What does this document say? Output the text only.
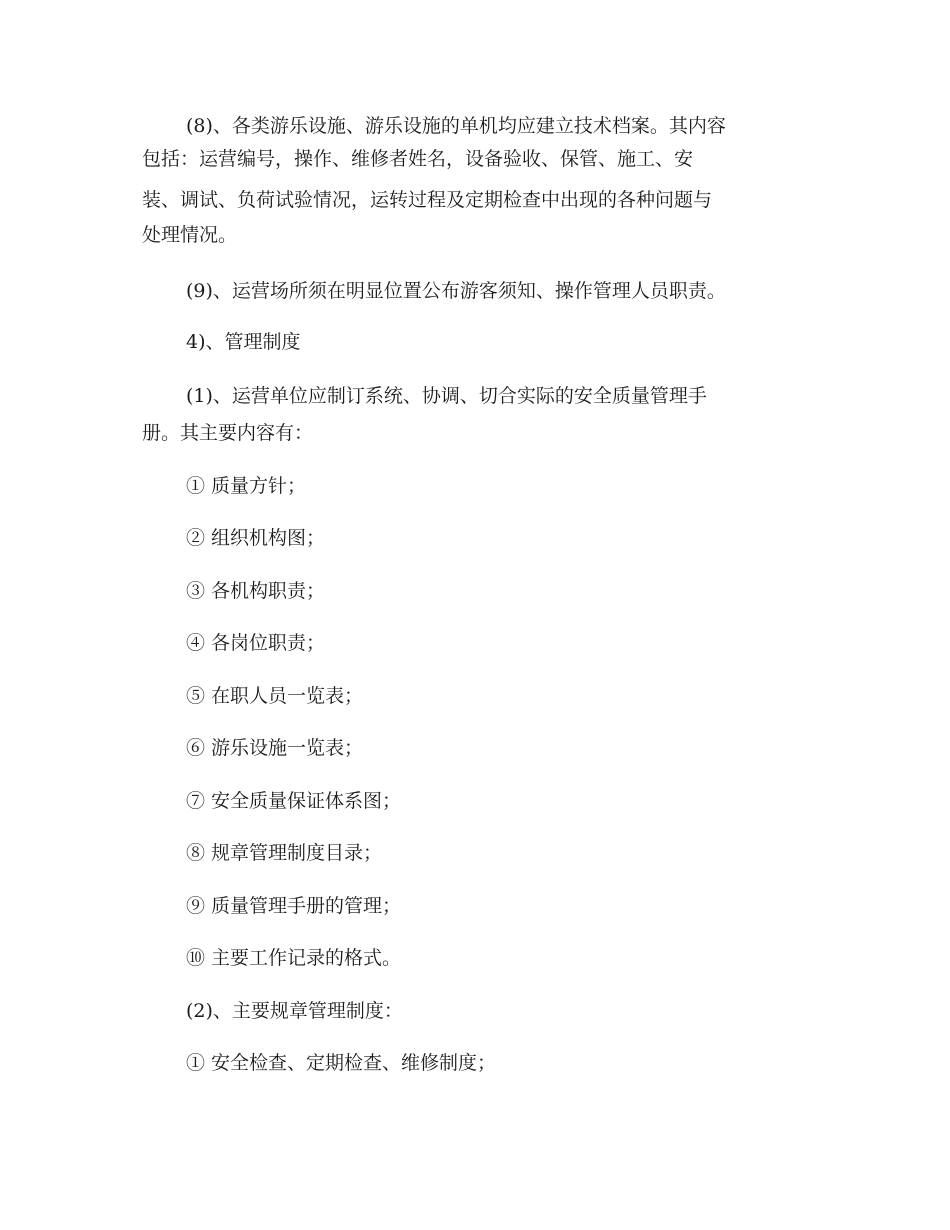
(8)、各类游乐设施、游乐设施的单机均应建立技术档案。其内容

包括：运营编号，操作、维修者姓名，设备验收、保管、施工、安

装、调试、负荷试验情况，运转过程及定期检查中出现的各种问题与

处理情况。

(9)、运营场所须在明显位置公布游客须知、操作管理人员职责。

4)、管理制度

(1)、运营单位应制订系统、协调、切合实际的安全质量管理手

册。其主要内容有：

① 质量方针；

② 组织机构图；

③ 各机构职责；

④ 各岗位职责；

⑤ 在职人员一览表；

⑥ 游乐设施一览表；

⑦ 安全质量保证体系图；

⑧ 规章管理制度目录；

⑨ 质量管理手册的管理；

⑩ 主要工作记录的格式。

(2)、主要规章管理制度：

① 安全检查、定期检查、维修制度；
